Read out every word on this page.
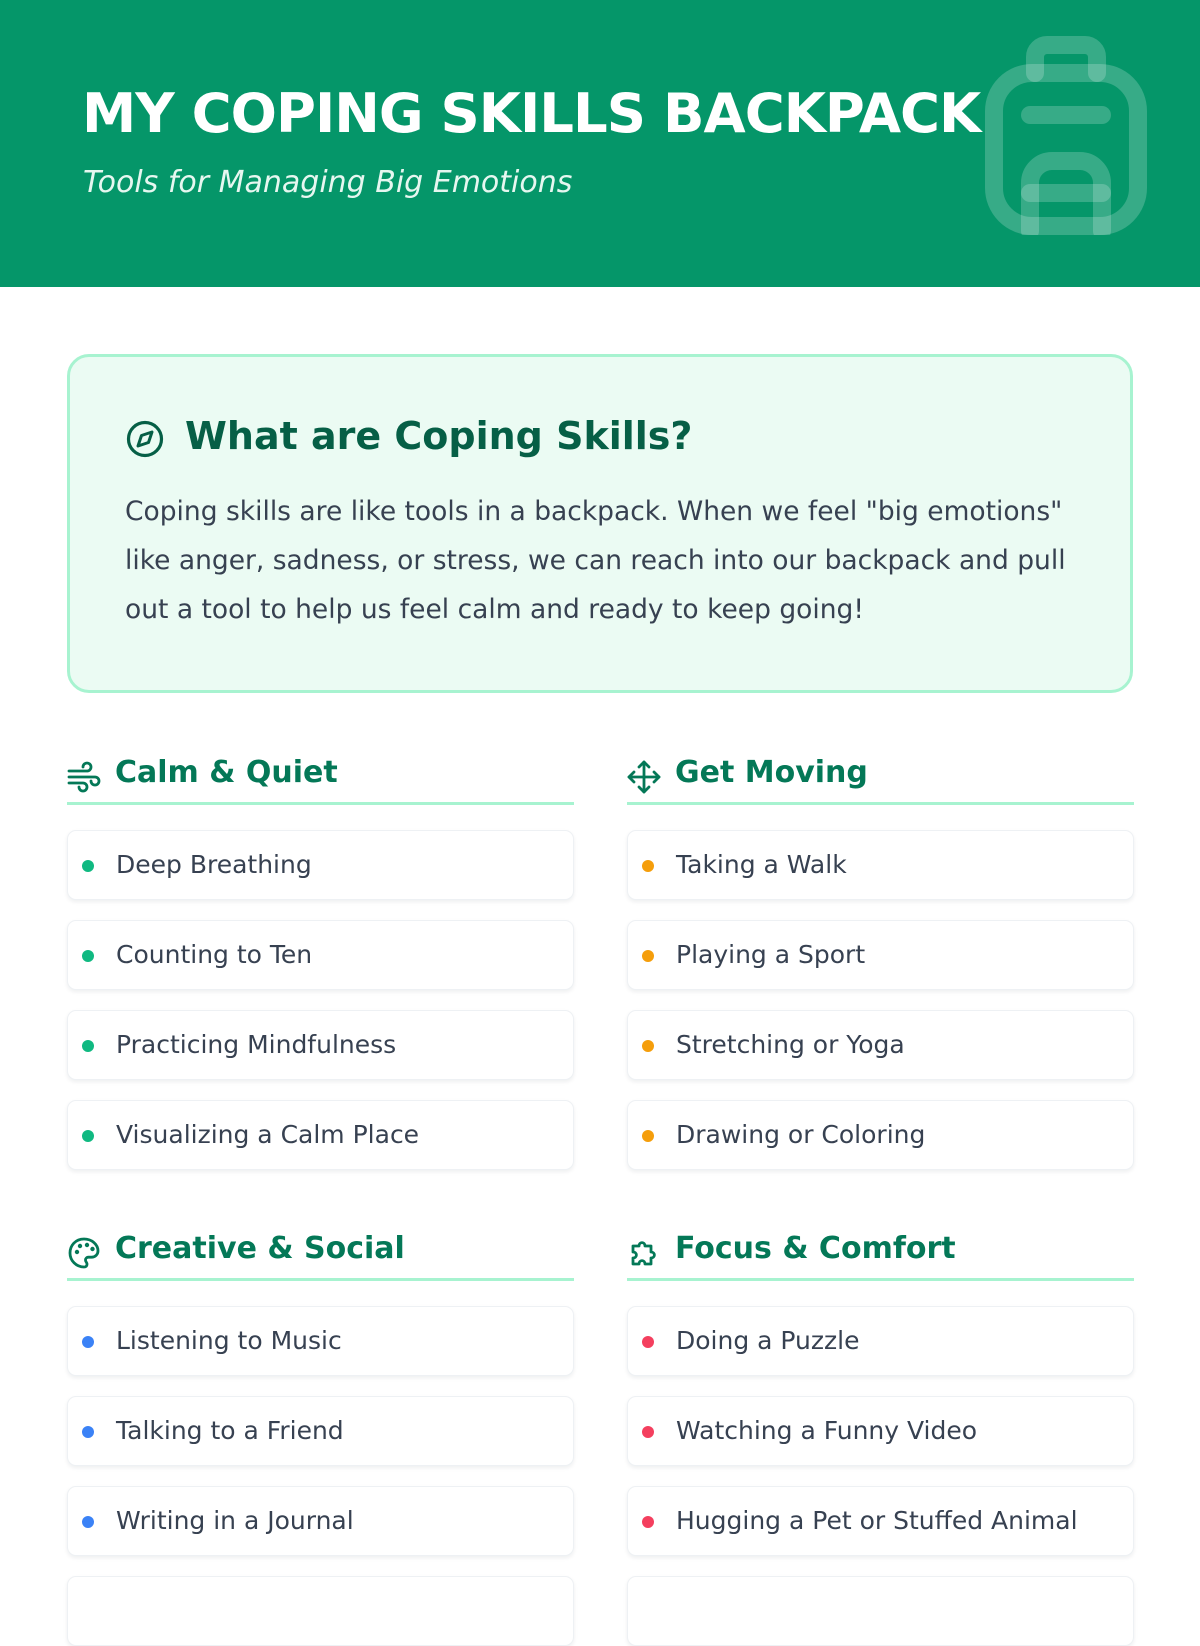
MY COPING SKILLS BACKPACK

Tools for Managing Big Emotions

What are Coping Skills?

Coping skills are like tools in a backpack. When we feel "big emotions" like anger, sadness, or stress, we can reach into our backpack and pull out a tool to help us feel calm and ready to keep going!

Calm & Quiet
Deep Breathing
Counting to Ten
Practicing Mindfulness
Visualizing a Calm Place
Get Moving
Taking a Walk
Playing a Sport
Stretching or Yoga
Drawing or Coloring
Creative & Social
Listening to Music
Talking to a Friend
Writing in a Journal
Focus & Comfort
Doing a Puzzle
Watching a Funny Video
Hugging a Pet or Stuffed Animal
